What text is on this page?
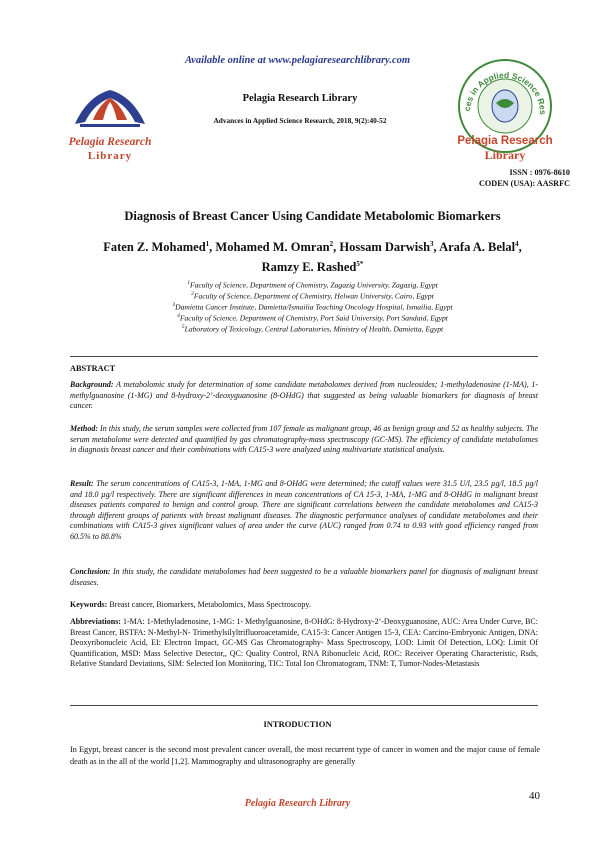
Available online at www.pelagiaresearchlibrary.com
Pelagia Research
Library
Pelagia Research Library
Advances in Applied Science Research, 2018, 9(2):40-52
ces in Applied Science Res
Pelagia Research
Library
ISSN : 0976-8610
CODEN (USA): AASRFC
Diagnosis of Breast Cancer Using Candidate Metabolomic Biomarkers
Faten Z. Mohamed$^1$, Mohamed M. Omran$^2$, Hossam Darwish$^3$, Arafa A. Belal$^4$,
Ramzy E. Rashed$^{5*}$
$^1$Faculty of Science, Department of Chemistry, Zagazig University, Zagazig, Egypt
$^2$Faculty of Science, Department of Chemistry, Helwan University, Cairo, Egypt
$^3$Damietta Cancer Institute, Damietta/Ismailia Teaching Oncology Hospital, Ismailia, Egypt
$^4$Faculty of Science, Department of Chemistry, Port Said University, Port Sandaid, Egypt
$^5$Laboratory of Texicology, Central Laboratories, Ministry of Health, Damietta, Egypt
ABSTRACT
Background: A metabolomic study for determination of some candidate metabolomes derived from nucleosides; 1-methyladenosine (1-MA), 1-methylguanosine (1-MG) and 8-hydroxy-2’-deoxyguanosine (8-OHdG) that suggested as being valuable biomarkers for diagnosis of breast cancer.
Method: In this study, the serum samples were collected from 107 female as malignant group, 46 as benign group and 52 as healthy subjects. The serum metabolome were detected and quantified by gas chromatography-mass spectroscopy (GC-MS). The efficiency of candidate metabolomes in diagnosis breast cancer and their combinations with CA15-3 were analyzed using multivariate statistical analysis.
Result: The serum concentrations of CA15-3, 1-MA, 1-MG and 8-OHdG were determined; the cutoff values were 31.5 U/l, 23.5 µg/l, 18.5 µg/l and 18.0 µg/l respectively. There are significant differences in mean concentrations of CA 15-3, 1-MA, 1-MG and 8-OHdG in malignant breast diseases patients compared to benign and control group. There are significant correlations between the candidate metabolomes and CA15-3 through different groups of patients with breast malignant diseases. The diagnostic performance analyses of candidate metabolomes and their combinations with CA15-3 gives significant values of area under the curve (AUC) ranged from 0.74 to 0.93 with good efficiency ranged from 60.5% to 88.8%
Conclusion: In this study, the candidate metabolomes had been suggested to be a valuable biomarkers panel for diagnosis of malignant breast diseases.
Keywords: Breast cancer, Biomarkers, Metabolomics, Mass Spectroscopy.
Abbreviations: 1-MA: 1-Methyladenosine, 1-MG: 1- Methylguanosine, 8-OHdG: 8-Hydroxy-2’-Deoxyguanosine, AUC: Area Under Curve, BC: Breast Cancer, BSTFA: N-Methyl-N- Trimethylsilyltrifluoroacetamide, CA15-3: Cancer Antigen 15-3, CEA: Carcino-Embryonic Antigen, DNA: Deoxyribonucleic Acid, EI: Electron Impact, GC-MS Gas Chromatography- Mass Spectroscopy, LOD: Limit Of Detection, LOQ: Limit Of Quantification, MSD: Mass Selective Detector,, QC: Quality Control, RNA Ribonucleic Acid, ROC: Receiver Operating Characteristic, Rsds, Relative Standard Deviations, SIM: Selected Ion Monitoring, TIC: Total Ion Chromatogram, TNM: T, Tumor-Nodes-Metastasis
INTRODUCTION
In Egypt, breast cancer is the second most prevalent cancer overall, the most recurrent type of cancer in women and the major cause of female death as in the all of the world [1,2]. Mammography and ultrasonography are generally
40
Pelagia Research Library
